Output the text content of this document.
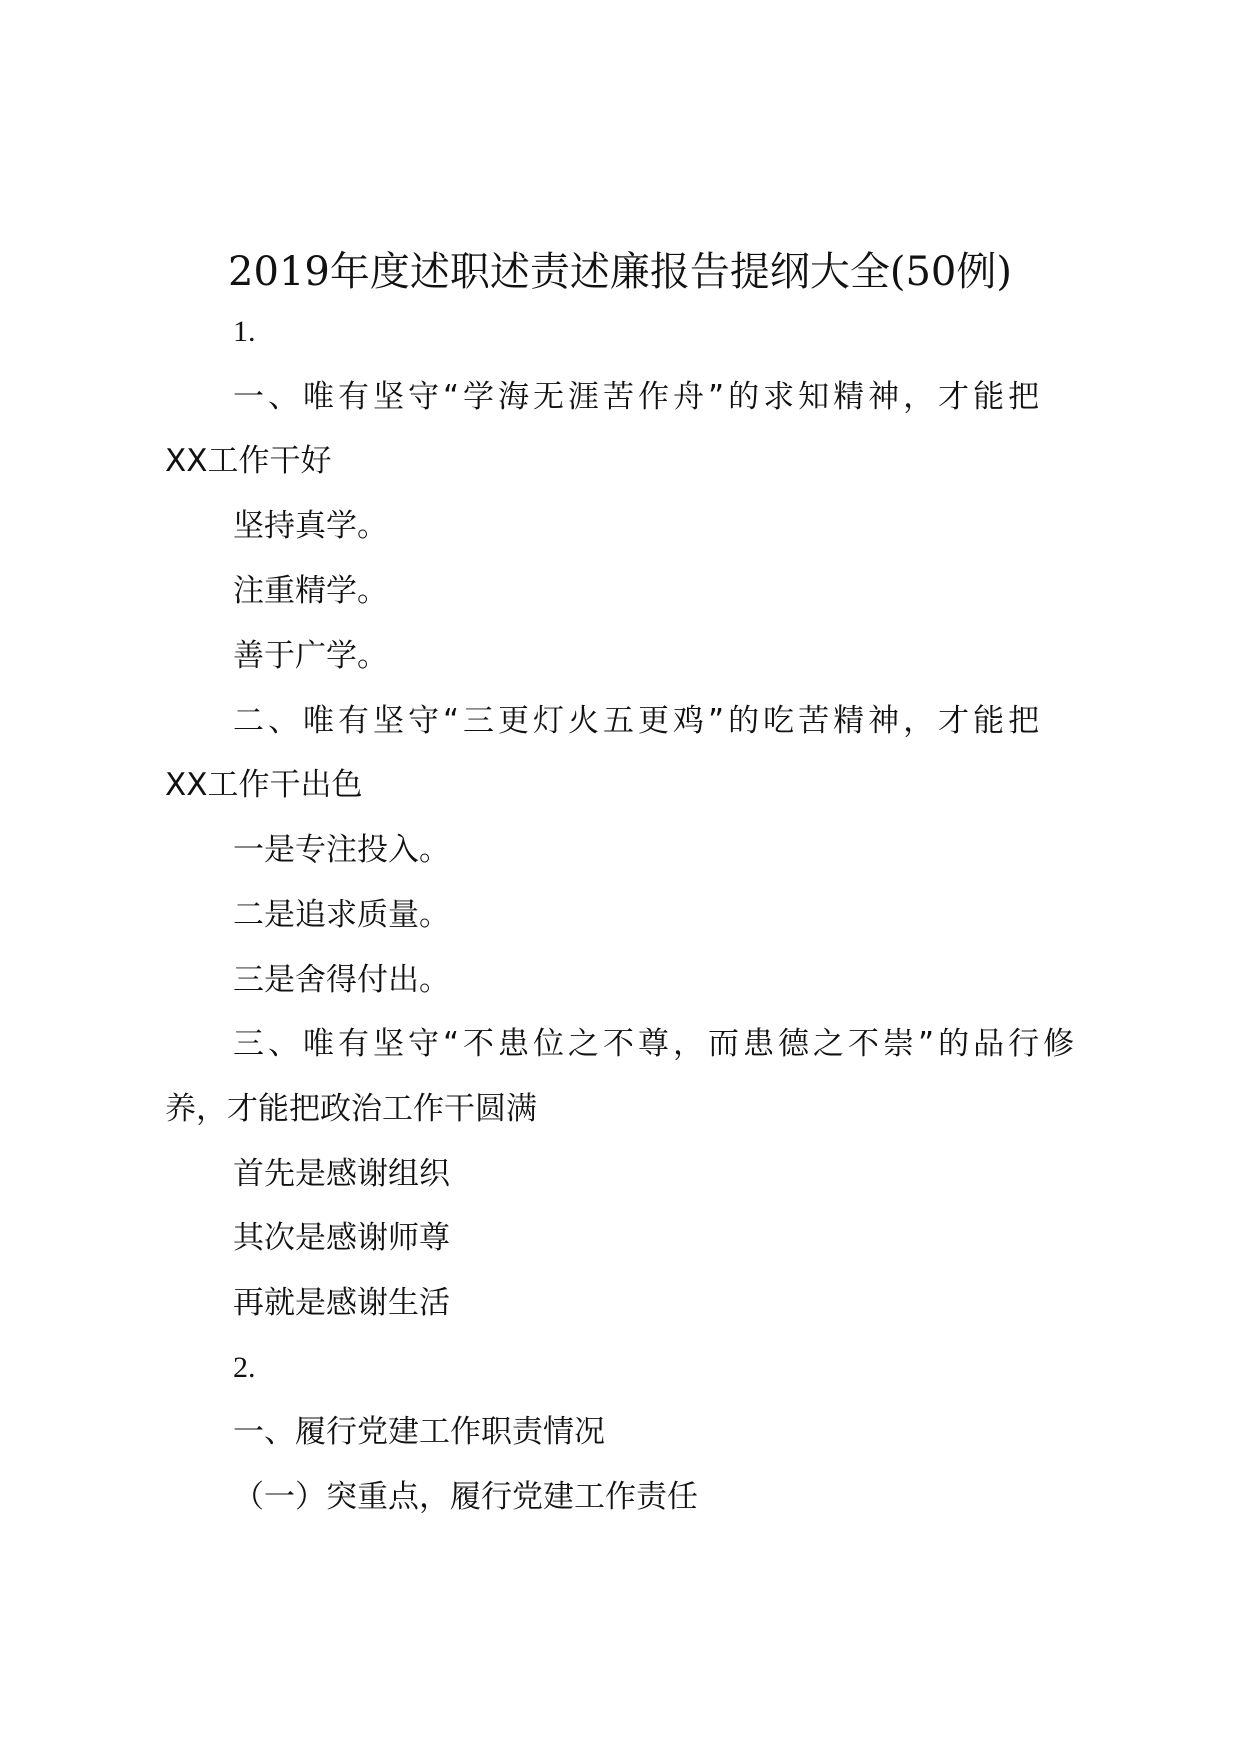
2019年度述职述责述廉报告提纲大全(50例)
1.
一、唯有坚守“学海无涯苦作舟”的求知精神，才能把
XX工作干好
坚持真学。
注重精学。
善于广学。
二、唯有坚守“三更灯火五更鸡”的吃苦精神，才能把
XX工作干出色
一是专注投入。
二是追求质量。
三是舍得付出。
三、唯有坚守“不患位之不尊，而患德之不崇”的品行修
养，才能把政治工作干圆满
首先是感谢组织
其次是感谢师尊
再就是感谢生活
2.
一、履行党建工作职责情况
（一）突重点，履行党建工作责任
